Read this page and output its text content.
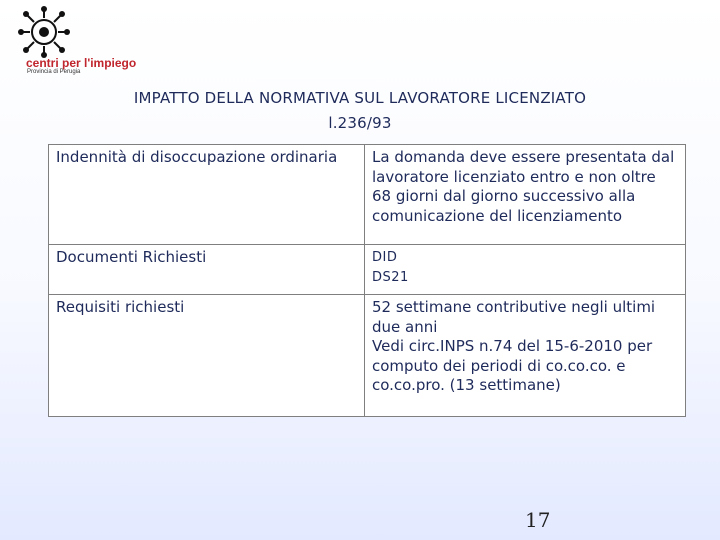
centri per l'impiego
Provincia di Perugia
IMPATTO DELLA NORMATIVA SUL LAVORATORE LICENZIATO
l.236/93
Indennità di disoccupazione ordinaria	La domanda deve essere presentata dal lavoratore licenziato entro e non oltre 68 giorni dal giorno successivo alla comunicazione del licenziamento

Documenti Richiesti	DID
DS21

Requisiti richiesti	52 settimane contributive negli ultimi due anni
Vedi circ.INPS n.74 del 15-6-2010 per computo dei periodi di co.co.co. e co.co.pro. (13 settimane)
17
